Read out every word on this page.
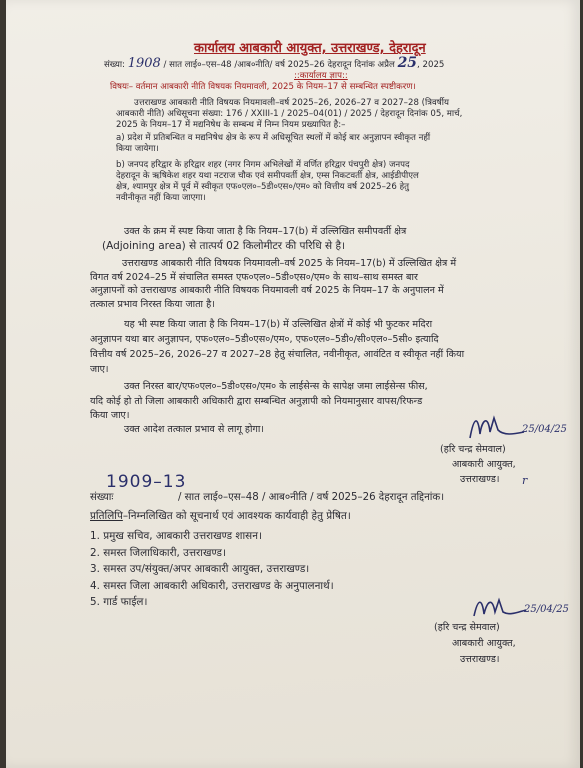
कार्यालय आबकारी आयुक्त, उत्तराखण्ड, देहरादून
संख्या: 1908 / सात लाई०–एस–48 /आब०नीति/ वर्ष 2025–26 देहरादून दिनांक अप्रैल 25, 2025
विषयः– वर्तमान आबकारी नीति विषयक नियमावली, 2025 के नियम–17 से सम्बन्धित स्पष्टीकरण।
::कार्यालय ज्ञाप::
उत्तराखण्ड आबकारी नीति विषयक नियमावली–वर्ष 2025–26, 2026–27 व 2027–28 (त्रिवर्षीय
आबकारी नीति) अधिसूचना संख्या: 176 / XXIII-1 / 2025–04(01) / 2025 / देहरादून दिनांक 05, मार्च,
2025 के नियम–17 में मद्यनिषेध के सम्बन्ध में निम्न नियम प्रख्यापित है:–
a) प्रदेश में प्रतिबन्धित व मद्यनिषेध क्षेत्र के रूप में अधिसूचित स्थलों में कोई बार अनुज्ञापन स्वीकृत नहीं
किया जायेगा।
b) जनपद हरिद्वार के हरिद्वार शहर (नगर निगम अभिलेखों में वर्णित हरिद्वार पंचपुरी क्षेत्र) जनपद
देहरादून के ऋषिकेश शहर यथा नटराज चौक एवं समीपवर्ती क्षेत्र, एम्स निकटवर्ती क्षेत्र, आईडीपीएल
क्षेत्र, श्यामपुर क्षेत्र में पूर्व में स्वीकृत एफ०एल०–5डी०एस०/एम० को वित्तीय वर्ष 2025–26 हेतु
नवीनीकृत नहीं किया जाएगा।
उक्त के क्रम में स्पष्ट किया जाता है कि नियम–17(b) में उल्लिखित समीपवर्ती क्षेत्र
(Adjoining area) से तात्पर्य 02 किलोमीटर की परिधि से है।
उत्तराखण्ड आबकारी नीति विषयक नियमावली–वर्ष 2025 के नियम–17(b) में उल्लिखित क्षेत्र में
विगत वर्ष 2024–25 में संचालित समस्त एफ०एल०–5डी०एस०/एम० के साथ–साथ समस्त बार
अनुज्ञापनों को उत्तराखण्ड आबकारी नीति विषयक नियमावली वर्ष 2025 के नियम–17 के अनुपालन में
तत्काल प्रभाव निरस्त किया जाता है।
यह भी स्पष्ट किया जाता है कि नियम–17(b) में उल्लिखित क्षेत्रों में कोई भी फुटकर मदिरा
अनुज्ञापन यथा बार अनुज्ञापन, एफ०एल०–5डी०एस०/एम०, एफ०एल०–5डी०/सी०एल०–5सी० इत्यादि
वित्तीय वर्ष 2025–26, 2026–27 व 2027–28 हेतु संचालित, नवीनीकृत, आवंटित व स्वीकृत नहीं किया
जाए।
उक्त निरस्त बार/एफ०एल०–5डी०एस०/एम० के लाईसेन्स के सापेक्ष जमा लाईसेन्स फीस,
यदि कोई हो तो जिला आबकारी अधिकारी द्वारा सम्बन्धित अनुज्ञापी को नियमानुसार वापस/रिफन्ड
किया जाए।
उक्त आदेश तत्काल प्रभाव से लागू होगा।	25/04/25
(हरि चन्द्र सेमवाल)
आबकारी आयुक्त,
उत्तराखण्ड।
1909–13
संख्याः	/ सात लाई०–एस–48 / आब०नीति / वर्ष 2025–26 देहरादून तद्दिनांक।
प्रतिलिपि–निम्नलिखित को सूचनार्थ एवं आवश्यक कार्यवाही हेतु प्रेषित।
1. प्रमुख सचिव, आबकारी उत्तराखण्ड शासन।
2. समस्त जिलाधिकारी, उत्तराखण्ड।
3. समस्त उप/संयुक्त/अपर आबकारी आयुक्त, उत्तराखण्ड।
4. समस्त जिला आबकारी अधिकारी, उत्तराखण्ड के अनुपालनार्थ।
5. गार्ड फाईल।
25/04/25
(हरि चन्द्र सेमवाल)
आबकारी आयुक्त,
उत्तराखण्ड।
r
